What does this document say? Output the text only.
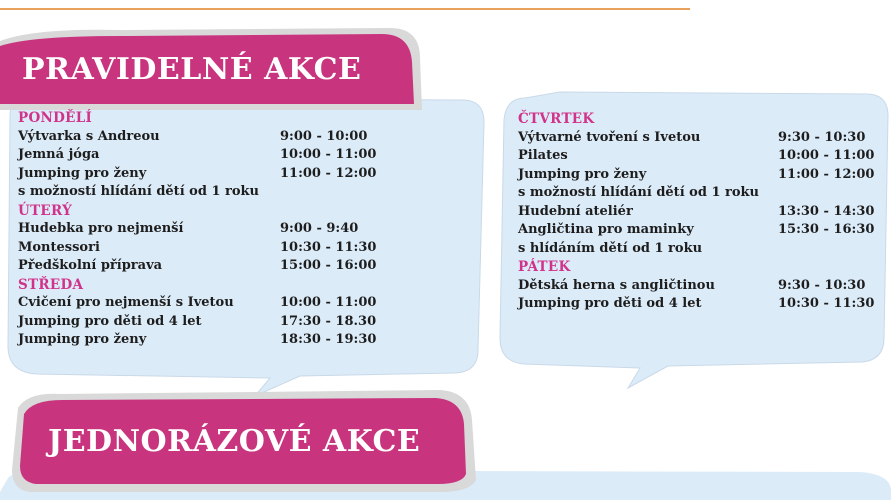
PRAVIDELNÉ AKCE
JEDNORÁZOVÉ AKCE
PONDĚLÍ
Výtvarka s Andreou	9:00 - 10:00
Jemná jóga	10:00 - 11:00
Jumping pro ženy	11:00 - 12:00
s možností hlídání dětí od 1 roku
ÚTERÝ
Hudebka pro nejmenší	9:00 - 9:40
Montessori	10:30 - 11:30
Předškolní příprava	15:00 - 16:00
STŘEDA
Cvičení pro nejmenší s Ivetou	10:00 - 11:00
Jumping pro děti od 4 let	17:30 - 18.30
Jumping pro ženy	18:30 - 19:30
ČTVRTEK
Výtvarné tvoření s Ivetou	9:30 - 10:30
Pilates	10:00 - 11:00
Jumping pro ženy	11:00 - 12:00
s možností hlídání dětí od 1 roku
Hudební ateliér	13:30 - 14:30
Angličtina pro maminky	15:30 - 16:30
s hlídáním dětí od 1 roku
PÁTEK
Dětská herna s angličtinou	9:30 - 10:30
Jumping pro děti od 4 let	10:30 - 11:30
